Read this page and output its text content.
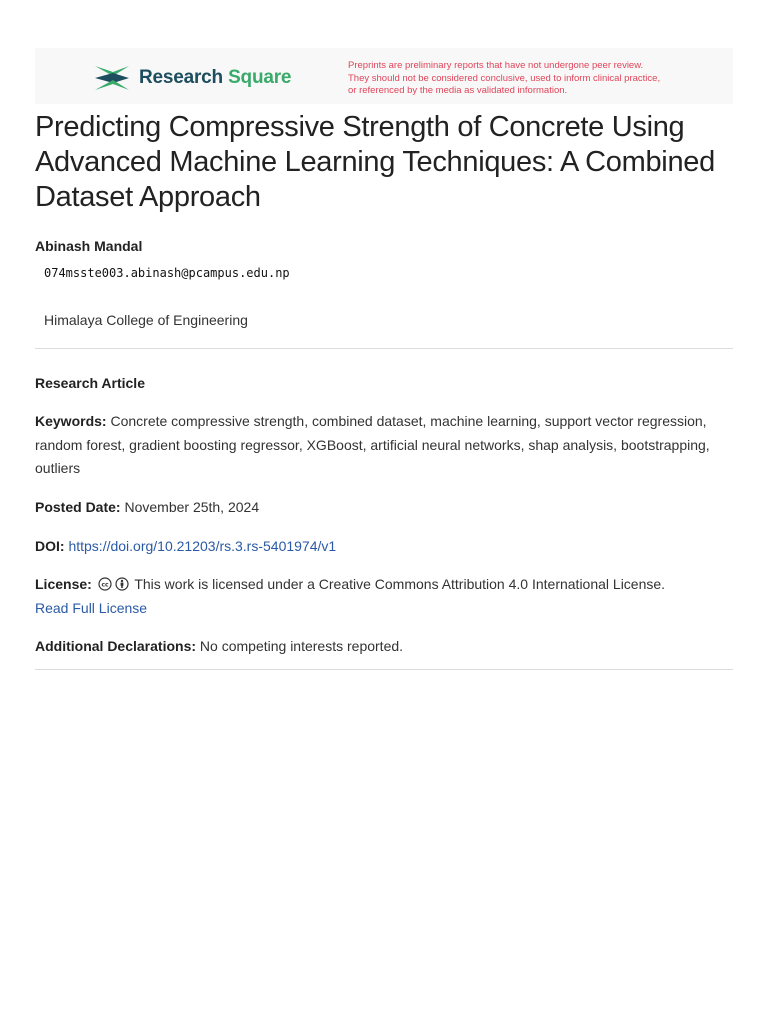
Research Square
Preprints are preliminary reports that have not undergone peer review.
They should not be considered conclusive, used to inform clinical practice,
or referenced by the media as validated information.
Predicting Compressive Strength of Concrete Using Advanced Machine Learning Techniques: A Combined Dataset Approach
Abinash Mandal
074msste003.abinash@pcampus.edu.np
Himalaya College of Engineering
Research Article
Keywords: Concrete compressive strength, combined dataset, machine learning, support vector regression, random forest, gradient boosting regressor, XGBoost, artificial neural networks, shap analysis, bootstrapping, outliers
Posted Date: November 25th, 2024
DOI: https://doi.org/10.21203/rs.3.rs-5401974/v1
License: cc This work is licensed under a Creative Commons Attribution 4.0 International License.
Read Full License
Additional Declarations: No competing interests reported.
